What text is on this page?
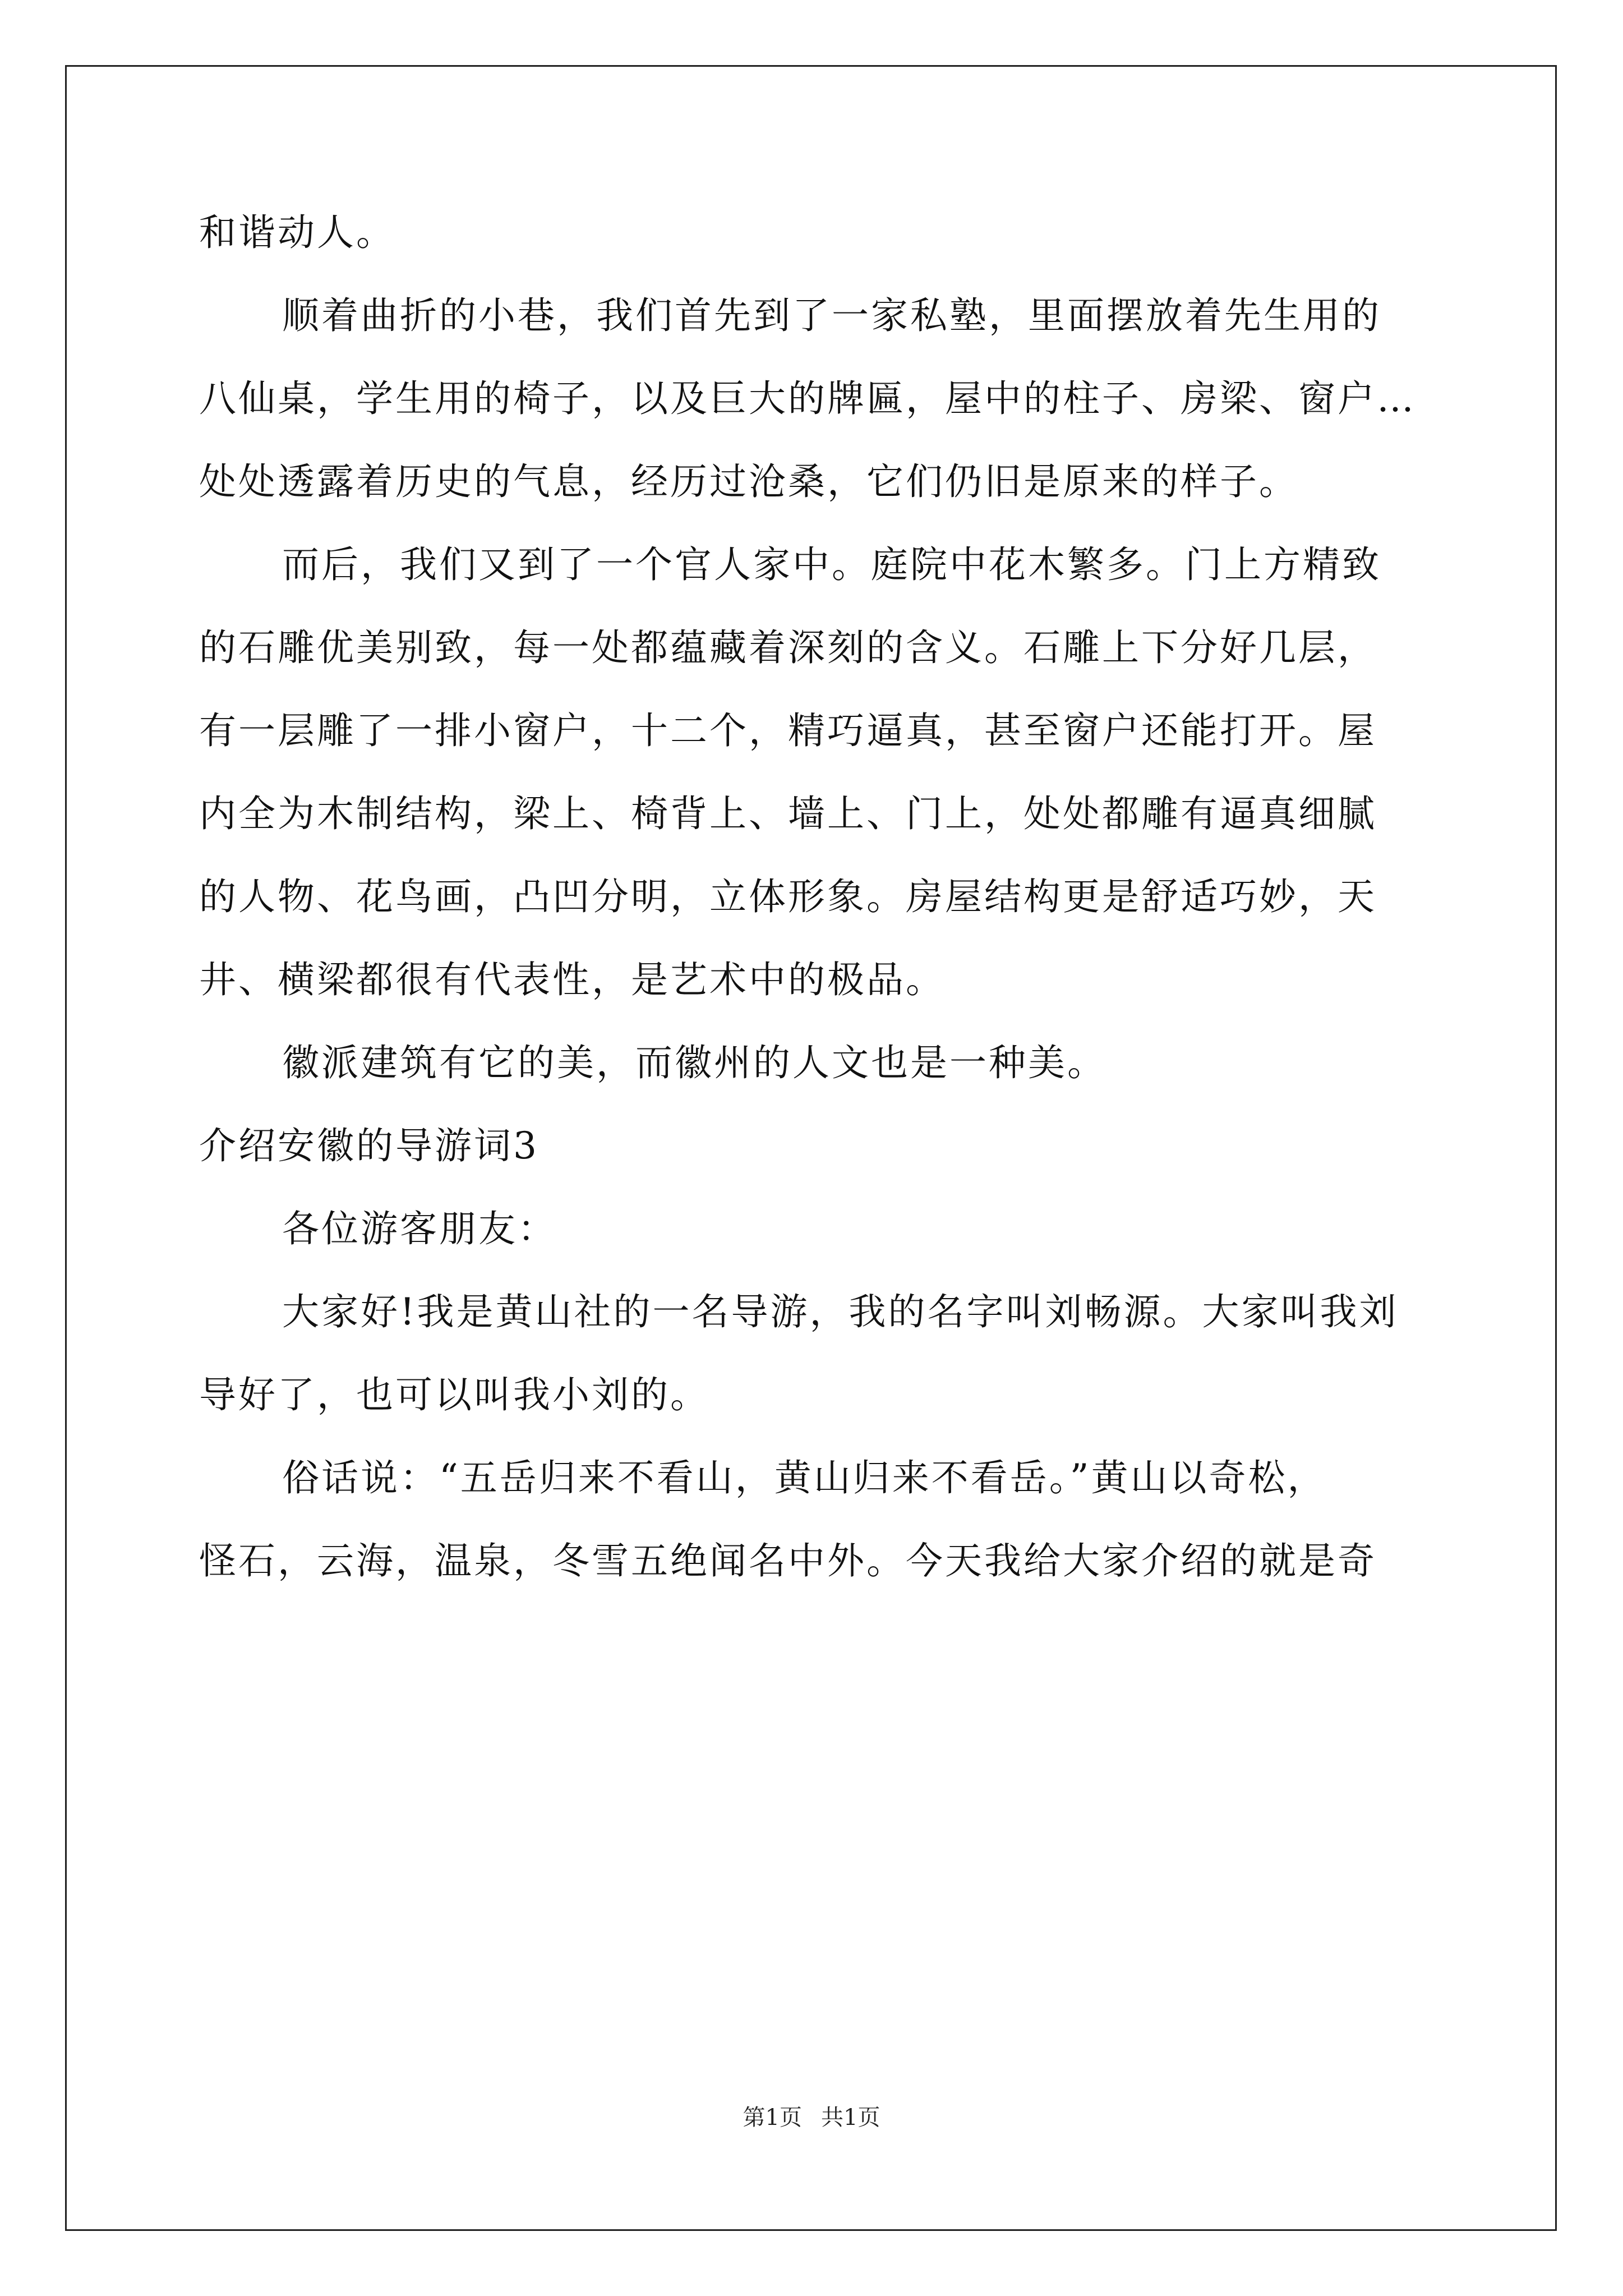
和谐动人。
顺着曲折的小巷，我们首先到了一家私塾，里面摆放着先生用的
八仙桌，学生用的椅子，以及巨大的牌匾，屋中的柱子、房梁、窗户…
处处透露着历史的气息，经历过沧桑，它们仍旧是原来的样子。
而后，我们又到了一个官人家中。庭院中花木繁多。门上方精致
的石雕优美别致，每一处都蕴藏着深刻的含义。石雕上下分好几层，
有一层雕了一排小窗户，十二个，精巧逼真，甚至窗户还能打开。屋
内全为木制结构，梁上、椅背上、墙上、门上，处处都雕有逼真细腻
的人物、花鸟画，凸凹分明，立体形象。房屋结构更是舒适巧妙，天
井、横梁都很有代表性，是艺术中的极品。
徽派建筑有它的美，而徽州的人文也是一种美。
介绍安徽的导游词3
各位游客朋友：
大家好!我是黄山社的一名导游，我的名字叫刘畅源。大家叫我刘
导好了，也可以叫我小刘的。
俗话说：“五岳归来不看山，黄山归来不看岳。”黄山以奇松，
怪石，云海，温泉，冬雪五绝闻名中外。今天我给大家介绍的就是奇
第1页 共1页
